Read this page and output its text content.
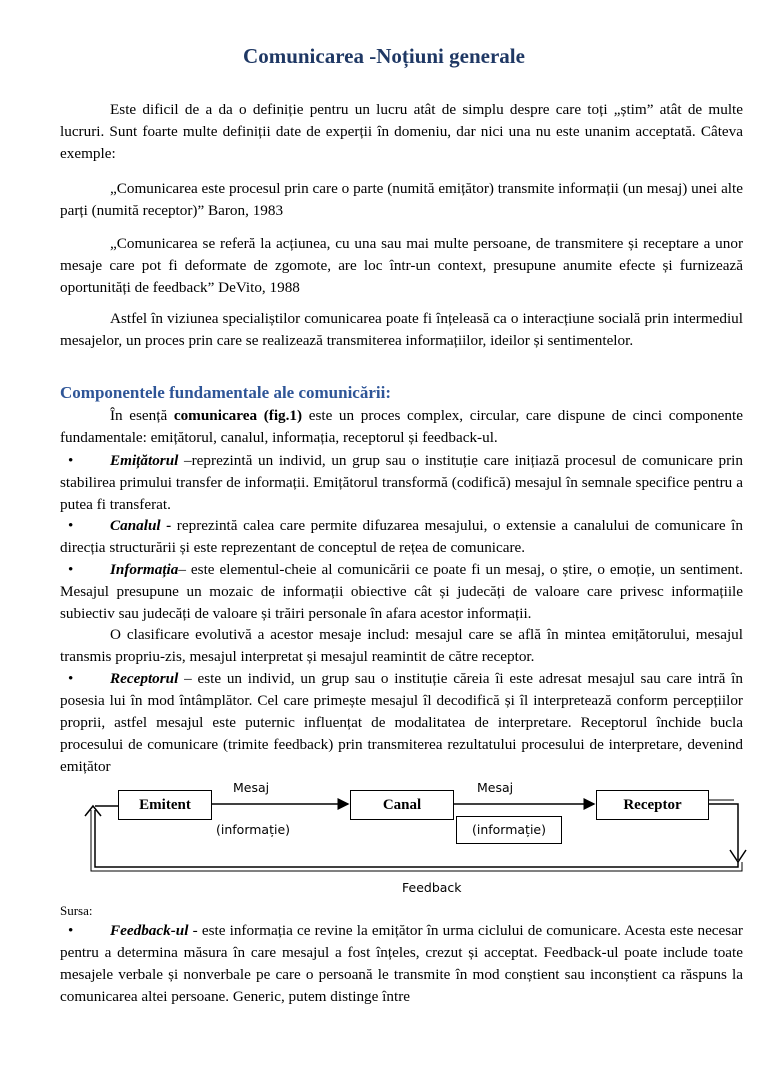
Comunicarea -Noțiuni generale
Este dificil de a da o definiție pentru un lucru atât de simplu despre care toți „știm” atât de multe lucruri. Sunt foarte multe definiții date de experții în domeniu, dar nici una nu este unanim acceptată. Câteva exemple:
„Comunicarea este procesul prin care o parte (numită emițător) transmite informații (un mesaj) unei alte parți (numită receptor)” Baron, 1983
„Comunicarea se referă la acțiunea, cu una sau mai multe persoane, de transmitere și receptare a unor mesaje care pot fi deformate de zgomote, are loc într-un context, presupune anumite efecte și furnizează oportunități de feedback” DeVito, 1988
Astfel în viziunea specialiștilor comunicarea poate fi înțeleasă ca o interacțiune socială prin intermediul mesajelor, un proces prin care se realizează transmiterea informațiilor, ideilor și sentimentelor.
Componentele fundamentale ale comunicării:
În esență comunicarea (fig.1) este un proces complex, circular, care dispune de cinci componente fundamentale: emițătorul, canalul, informația, receptorul și feedback-ul.
•	Emițătorul –reprezintă un individ, un grup sau o instituție care inițiază procesul de comunicare prin stabilirea primului transfer de informații. Emițătorul transformă (codifică) mesajul în semnale specifice pentru a putea fi transferat.
•	Canalul - reprezintă calea care permite difuzarea mesajului, o extensie a canalului de comunicare în direcția structurării și este reprezentant de conceptul de rețea de comunicare.
•	Informația– este elementul-cheie al comunicării ce poate fi un mesaj, o știre, o emoție, un sentiment. Mesajul presupune un mozaic de informații obiective cât și judecăți de valoare care privesc informațiile subiectiv sau judecăți de valoare și trăiri personale în afara acestor informații.
O clasificare evolutivă a acestor mesaje includ: mesajul care se află în mintea emițătorului, mesajul transmis propriu-zis, mesajul interpretat și mesajul reamintit de către receptor.
•	Receptorul – este un individ, un grup sau o instituție căreia îi este adresat mesajul sau care intră în posesia lui în mod întâmplător. Cel care primește mesajul îl decodifică și îl interpretează conform percepțiilor proprii, astfel mesajul este puternic influențat de modalitatea de interpretare. Receptorul închide bucla procesului de comunicare (trimite feedback) prin transmiterea rezultatului procesului de interpretare, devenind emițător
Emitent	Canal	Receptor
Mesaj	Mesaj
(informație)	(informație)
Feedback
Sursa:
•	Feedback-ul - este informația ce revine la emițător în urma ciclului de comunicare. Acesta este necesar pentru a determina măsura în care mesajul a fost înțeles, crezut și acceptat. Feedback-ul poate include toate mesajele verbale și nonverbale pe care o persoană le transmite în mod conștient sau inconștient ca răspuns la comunicarea altei persoane. Generic, putem distinge între
